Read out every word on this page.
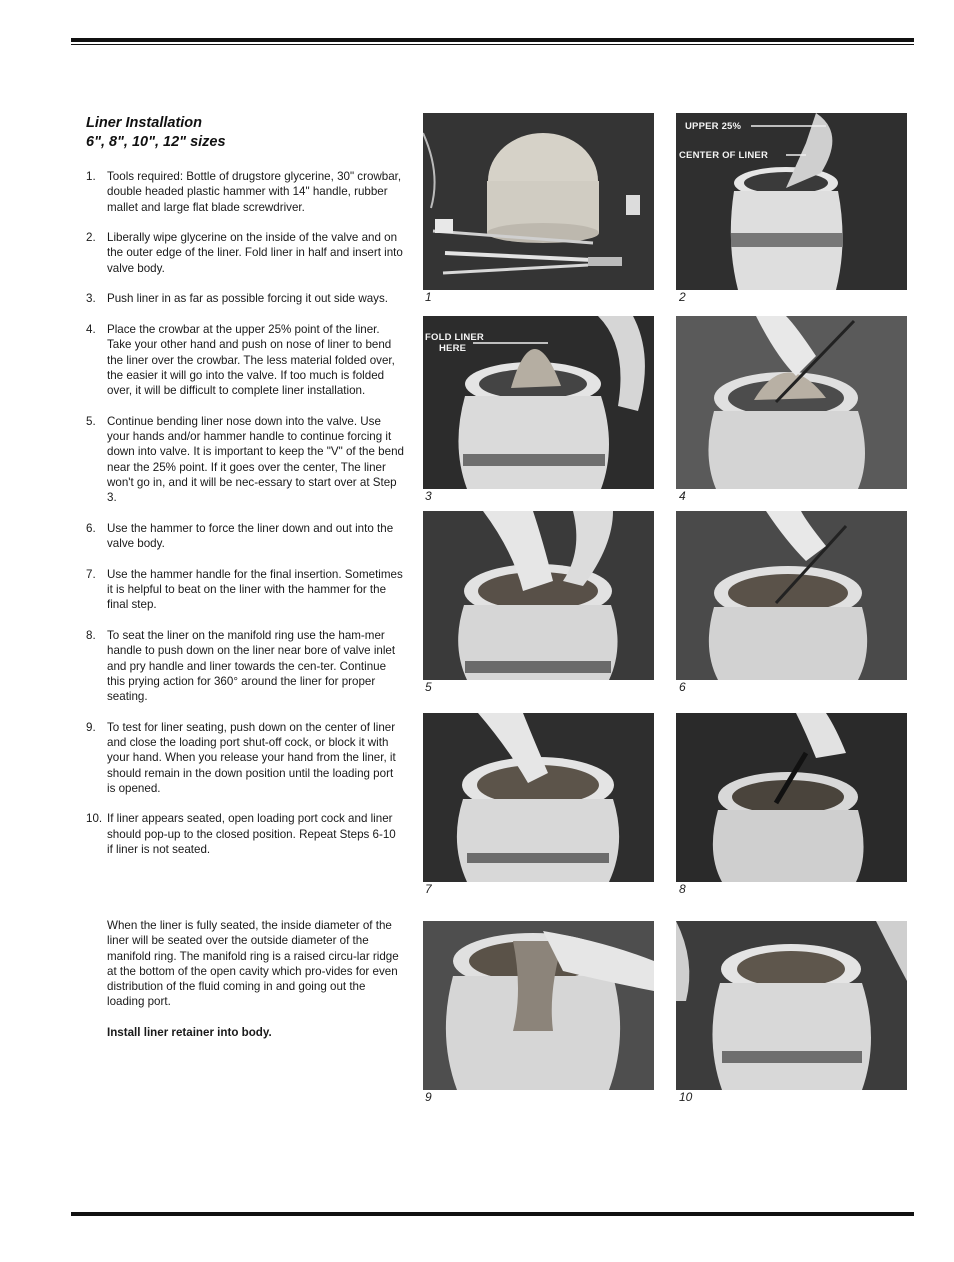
Liner Installation
6", 8", 10", 12" sizes
1. Tools required: Bottle of drugstore glycerine, 30" crowbar, double headed plastic hammer with 14" handle, rubber mallet and large flat blade screwdriver.

2. Liberally wipe glycerine on the inside of the valve and on the outer edge of the liner. Fold liner in half and insert into valve body.

3. Push liner in as far as possible forcing it out side ways.

4. Place the crowbar at the upper 25% point of the liner. Take your other hand and push on nose of liner to bend the liner over the crowbar. The less material folded over, the easier it will go into the valve. If too much is folded over, it will be difficult to complete liner installation.

5. Continue bending liner nose down into the valve. Use your hands and/or hammer handle to continue forcing it down into valve. It is important to keep the "V" of the bend near the 25% point. If it goes over the center, The liner won't go in, and it will be nec-essary to start over at Step 3.

6. Use the hammer to force the liner down and out into the valve body.

7. Use the hammer handle for the final insertion. Sometimes it is helpful to beat on the liner with the hammer for the final step.

8. To seat the liner on the manifold ring use the ham-mer handle to push down on the liner near bore of valve inlet and pry handle and liner towards the cen-ter. Continue this prying action for 360° around the liner for proper seating.

9. To test for liner seating, push down on the center of liner and close the loading port shut-off cock, or block it with your hand. When you release your hand from the liner, it should remain in the down position until the loading port is opened.

10. If liner appears seated, open loading port cock and liner should pop-up to the closed position. Repeat Steps 6-10 if liner is not seated.

When the liner is fully seated, the inside diameter of the liner will be seated over the outside diameter of the manifold ring. The manifold ring is a raised circu-lar ridge at the bottom of the open cavity which pro-vides for even distribution of the fluid coming in and going out the loading port.

Install liner retainer into body.

1
UPPER 25%
CENTER OF LINER
2
FOLD LINER
HERE
3	4
5	6
7	8
9	10
